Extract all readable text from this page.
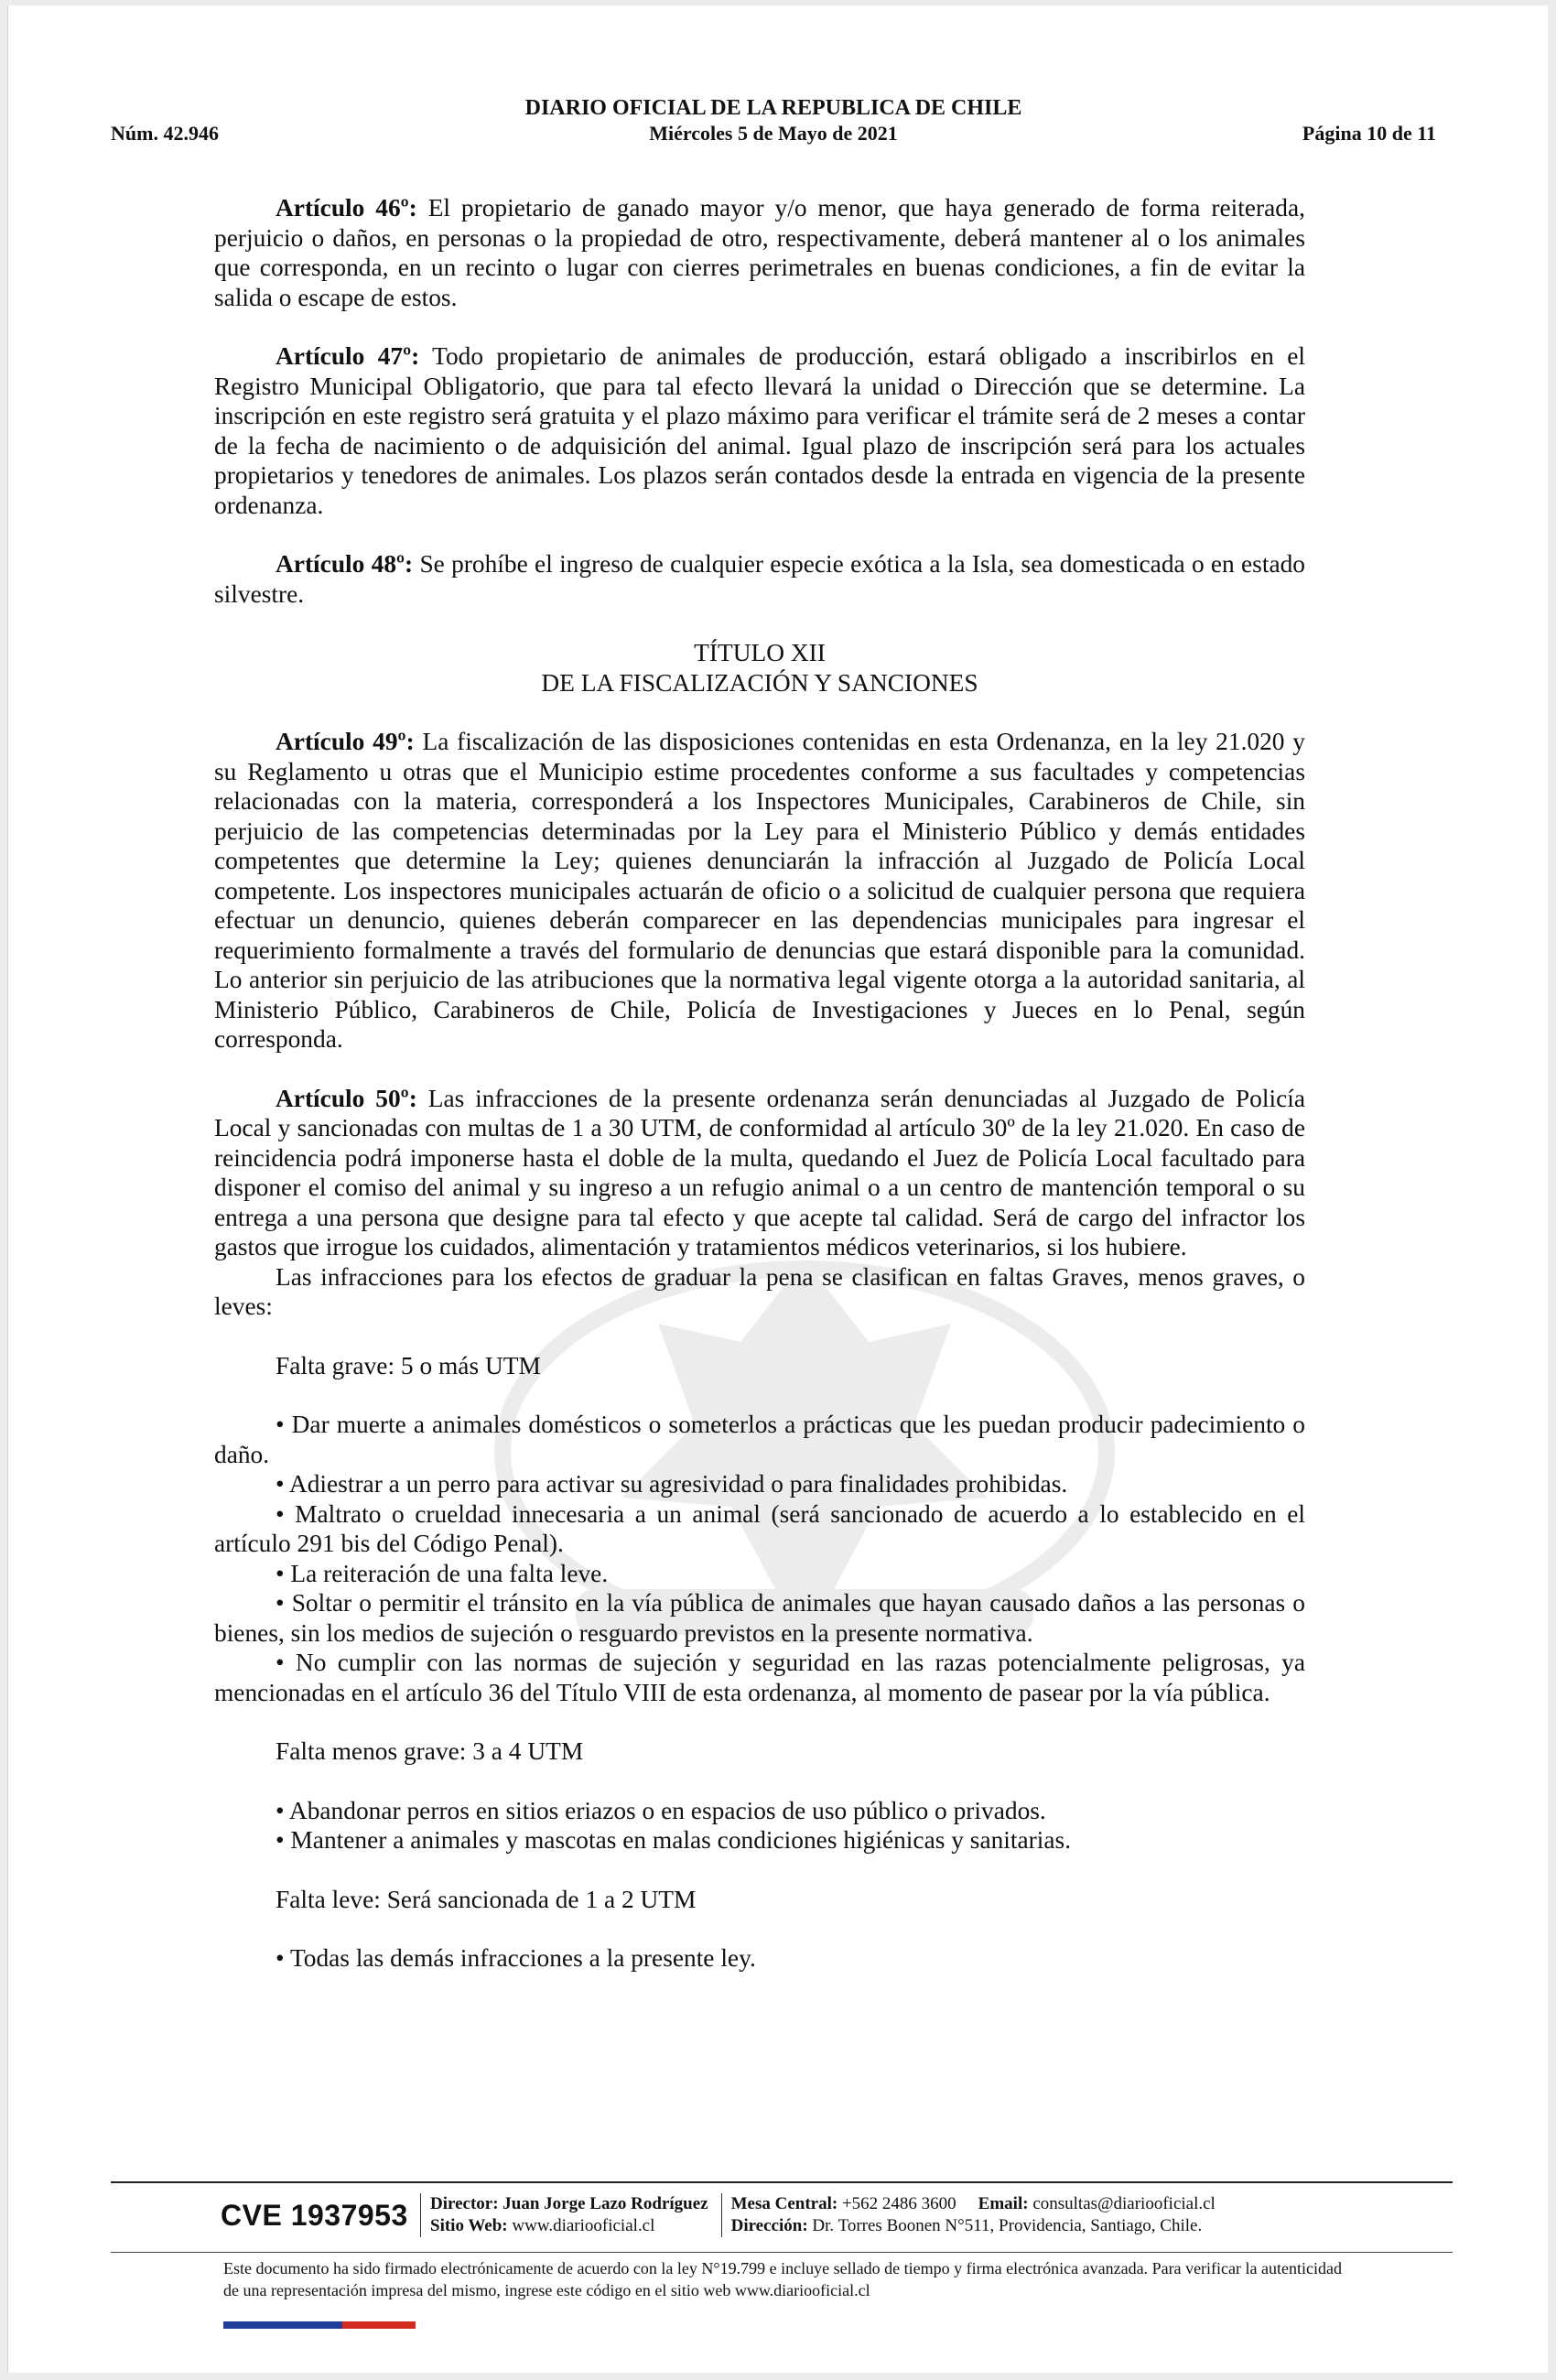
DIARIO OFICIAL DE LA REPUBLICA DE CHILE
Núm. 42.946	Miércoles 5 de Mayo de 2021	Página 10 de 11

Artículo 46º: El propietario de ganado mayor y/o menor, que haya generado de forma reiterada, perjuicio o daños, en personas o la propiedad de otro, respectivamente, deberá mantener al o los animales que corresponda, en un recinto o lugar con cierres perimetrales en buenas condiciones, a fin de evitar la salida o escape de estos.

Artículo 47º: Todo propietario de animales de producción, estará obligado a inscribirlos en el Registro Municipal Obligatorio, que para tal efecto llevará la unidad o Dirección que se determine. La inscripción en este registro será gratuita y el plazo máximo para verificar el trámite será de 2 meses a contar de la fecha de nacimiento o de adquisición del animal. Igual plazo de inscripción será para los actuales propietarios y tenedores de animales. Los plazos serán contados desde la entrada en vigencia de la presente ordenanza.

Artículo 48º: Se prohíbe el ingreso de cualquier especie exótica a la Isla, sea domesticada o en estado silvestre.

TÍTULO XII

DE LA FISCALIZACIÓN Y SANCIONES

Artículo 49º: La fiscalización de las disposiciones contenidas en esta Ordenanza, en la ley 21.020 y su Reglamento u otras que el Municipio estime procedentes conforme a sus facultades y competencias relacionadas con la materia, corresponderá a los Inspectores Municipales, Carabineros de Chile, sin perjuicio de las competencias determinadas por la Ley para el Ministerio Público y demás entidades competentes que determine la Ley; quienes denunciarán la infracción al Juzgado de Policía Local competente. Los inspectores municipales actuarán de oficio o a solicitud de cualquier persona que requiera efectuar un denuncio, quienes deberán comparecer en las dependencias municipales para ingresar el requerimiento formalmente a través del formulario de denuncias que estará disponible para la comunidad. Lo anterior sin perjuicio de las atribuciones que la normativa legal vigente otorga a la autoridad sanitaria, al Ministerio Público, Carabineros de Chile, Policía de Investigaciones y Jueces en lo Penal, según corresponda.

Artículo 50º: Las infracciones de la presente ordenanza serán denunciadas al Juzgado de Policía Local y sancionadas con multas de 1 a 30 UTM, de conformidad al artículo 30º de la ley 21.020. En caso de reincidencia podrá imponerse hasta el doble de la multa, quedando el Juez de Policía Local facultado para disponer el comiso del animal y su ingreso a un refugio animal o a un centro de mantención temporal o su entrega a una persona que designe para tal efecto y que acepte tal calidad. Será de cargo del infractor los gastos que irrogue los cuidados, alimentación y tratamientos médicos veterinarios, si los hubiere.

Las infracciones para los efectos de graduar la pena se clasifican en faltas Graves, menos graves, o leves:

Falta grave: 5 o más UTM

• Dar muerte a animales domésticos o someterlos a prácticas que les puedan producir padecimiento o daño.

• Adiestrar a un perro para activar su agresividad o para finalidades prohibidas.

• Maltrato o crueldad innecesaria a un animal (será sancionado de acuerdo a lo establecido en el artículo 291 bis del Código Penal).

• La reiteración de una falta leve.

• Soltar o permitir el tránsito en la vía pública de animales que hayan causado daños a las personas o bienes, sin los medios de sujeción o resguardo previstos en la presente normativa.

• No cumplir con las normas de sujeción y seguridad en las razas potencialmente peligrosas, ya mencionadas en el artículo 36 del Título VIII de esta ordenanza, al momento de pasear por la vía pública.

Falta menos grave: 3 a 4 UTM

• Abandonar perros en sitios eriazos o en espacios de uso público o privados.

• Mantener a animales y mascotas en malas condiciones higiénicas y sanitarias.

Falta leve: Será sancionada de 1 a 2 UTM

• Todas las demás infracciones a la presente ley.

CVE 1937953	Director: Juan Jorge Lazo Rodríguez
Sitio Web: www.diariooficial.cl
Mesa Central: +562 2486 3600 Email: consultas@diariooficial.cl
Dirección: Dr. Torres Boonen N°511, Providencia, Santiago, Chile.
Este documento ha sido firmado electrónicamente de acuerdo con la ley N°19.799 e incluye sellado de tiempo y firma electrónica avanzada. Para verificar la autenticidad de una representación impresa del mismo, ingrese este código en el sitio web www.diariooficial.cl
